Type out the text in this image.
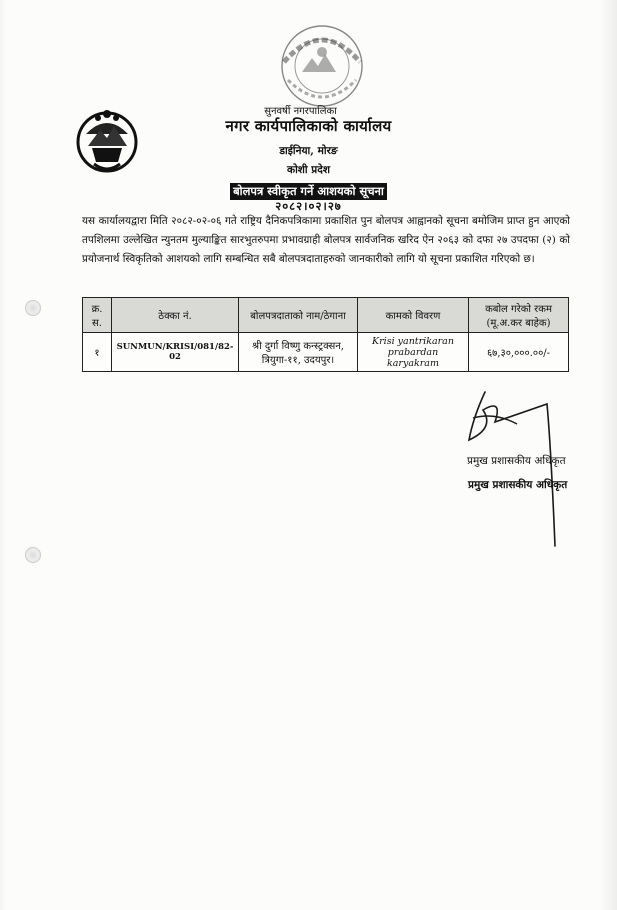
सुनवर्षी नगरपालिका
नगर कार्यपालिकाको कार्यालय
डाईनिया, मोरङ
कोशी प्रदेश
बोलपत्र स्वीकृत गर्ने आशयको सूचना
२०८२।०२।२७
यस कार्यालयद्वारा मिति २०८२-०२-०६ गते राष्ट्रिय दैनिकपत्रिकामा प्रकाशित पुन बोलपत्र आह्वानको सूचना बमोजिम प्राप्त हुन आएको तपशिलमा उल्लेखित न्युनतम मुल्याङ्कित सारभुतरुपमा प्रभावग्राही बोलपत्र सार्वजनिक खरिद ऐन २०६३ को दफा २७ उपदफा (२) को प्रयोजनार्थ स्विकृतिको आशयको लागि सम्बन्धित सबै बोलपत्रदाताहरुको जानकारीको लागि यो सूचना प्रकाशित गरिएको छ।
क्र. स.	ठेक्का नं.	बोलपत्रदाताको नाम/ठेगाना	कामको विवरण	कबोल गरेको रकम (मू.अ.कर बाहेक)
१	SUNMUN/KRISI/081/82-02	श्री दुर्गा विष्णु कन्स्ट्रक्सन, त्रियुगा-११, उदयपुर।	Krisi yantrikaran prabardan karyakram	६७,३०,०००.००/-
प्रमुख प्रशासकीय अधिकृत
प्रमुख प्रशासकीय अधिकृत
